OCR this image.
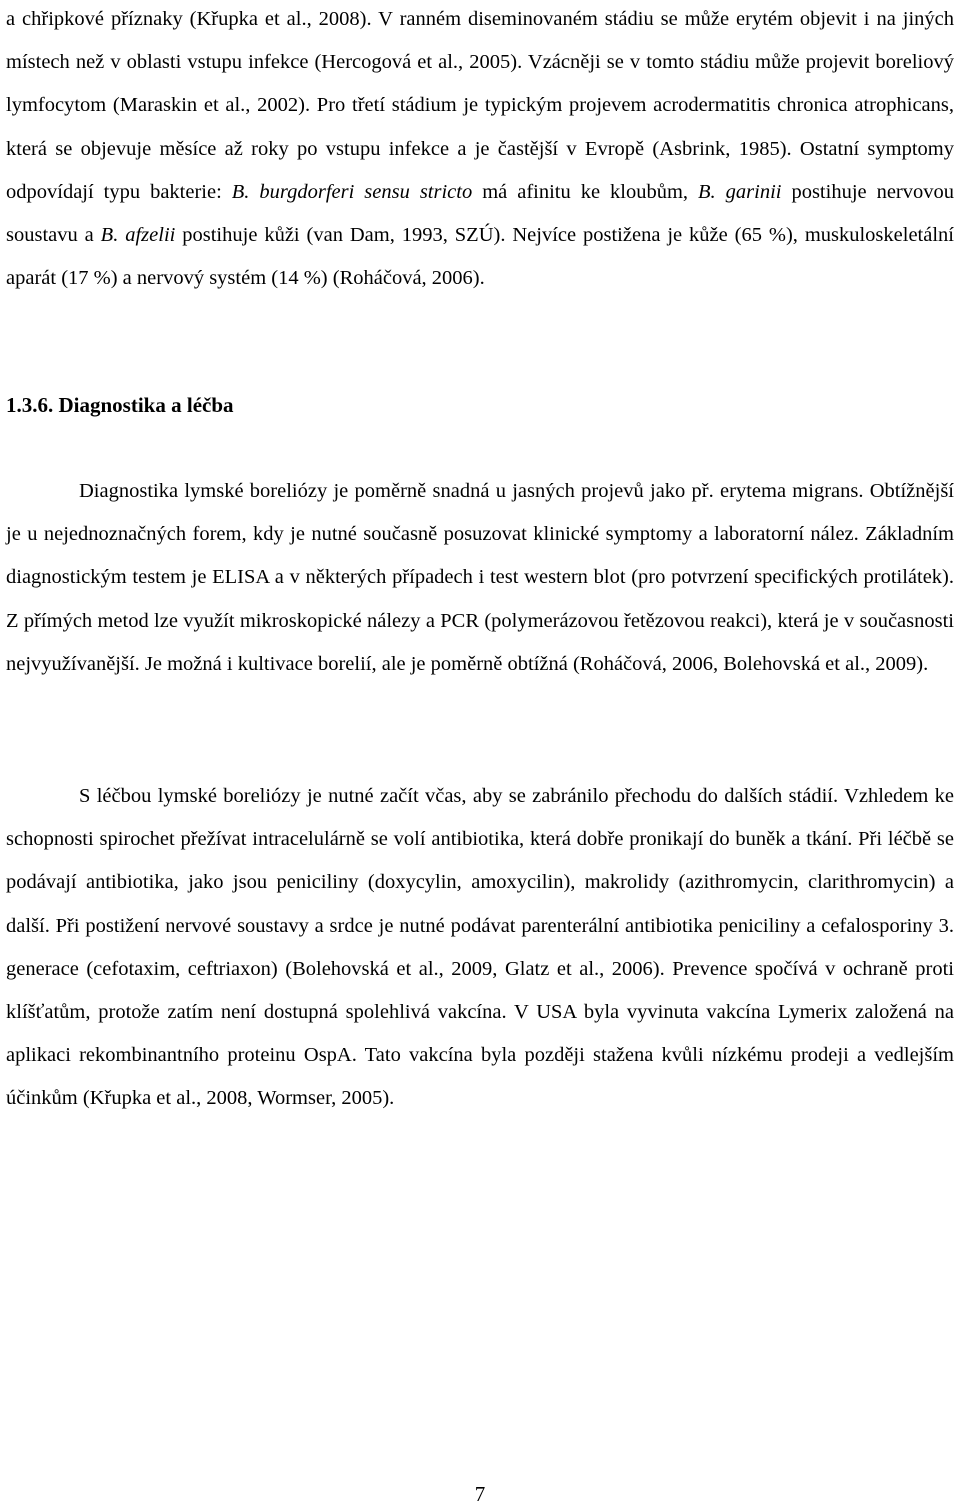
a chřipkové příznaky (Křupka et al., 2008). V ranném diseminovaném stádiu se může erytém objevit i na jiných místech než v oblasti vstupu infekce (Hercogová et al., 2005). Vzácněji se v tomto stádiu může projevit boreliový lymfocytom (Maraskin et al., 2002). Pro třetí stádium je typickým projevem acrodermatitis chronica atrophicans, která se objevuje měsíce až roky po vstupu infekce a je častější v Evropě (Asbrink, 1985). Ostatní symptomy odpovídají typu bakterie: B. burgdorferi sensu stricto má afinitu ke kloubům, B. garinii postihuje nervovou soustavu a B. afzelii postihuje kůži (van Dam, 1993, SZÚ). Nejvíce postižena je kůže (65 %), muskuloskeletální aparát (17 %) a nervový systém (14 %) (Roháčová, 2006).

1.3.6. Diagnostika a léčba

Diagnostika lymské boreliózy je poměrně snadná u jasných projevů jako př. erytema migrans. Obtížnější je u nejednoznačných forem, kdy je nutné současně posuzovat klinické symptomy a laboratorní nález. Základním diagnostickým testem je ELISA a v některých případech i test western blot (pro potvrzení specifických protilátek). Z přímých metod lze využít mikroskopické nálezy a PCR (polymerázovou řetězovou reakci), která je v současnosti nejvyužívanější. Je možná i kultivace borelií, ale je poměrně obtížná (Roháčová, 2006, Bolehovská et al., 2009).

S léčbou lymské boreliózy je nutné začít včas, aby se zabránilo přechodu do dalších stádií. Vzhledem ke schopnosti spirochet přežívat intracelulárně se volí antibiotika, která dobře pronikají do buněk a tkání. Při léčbě se podávají antibiotika, jako jsou peniciliny (doxycylin, amoxycilin), makrolidy (azithromycin, clarithromycin) a další. Při postižení nervové soustavy a srdce je nutné podávat parenterální antibiotika peniciliny a cefalosporiny 3. generace (cefotaxim, ceftriaxon) (Bolehovská et al., 2009, Glatz et al., 2006). Prevence spočívá v ochraně proti klíšťatům, protože zatím není dostupná spolehlivá vakcína. V USA byla vyvinuta vakcína Lymerix založená na aplikaci rekombinantního proteinu OspA. Tato vakcína byla později stažena kvůli nízkému prodeji a vedlejším účinkům (Křupka et al., 2008, Wormser, 2005).

7
